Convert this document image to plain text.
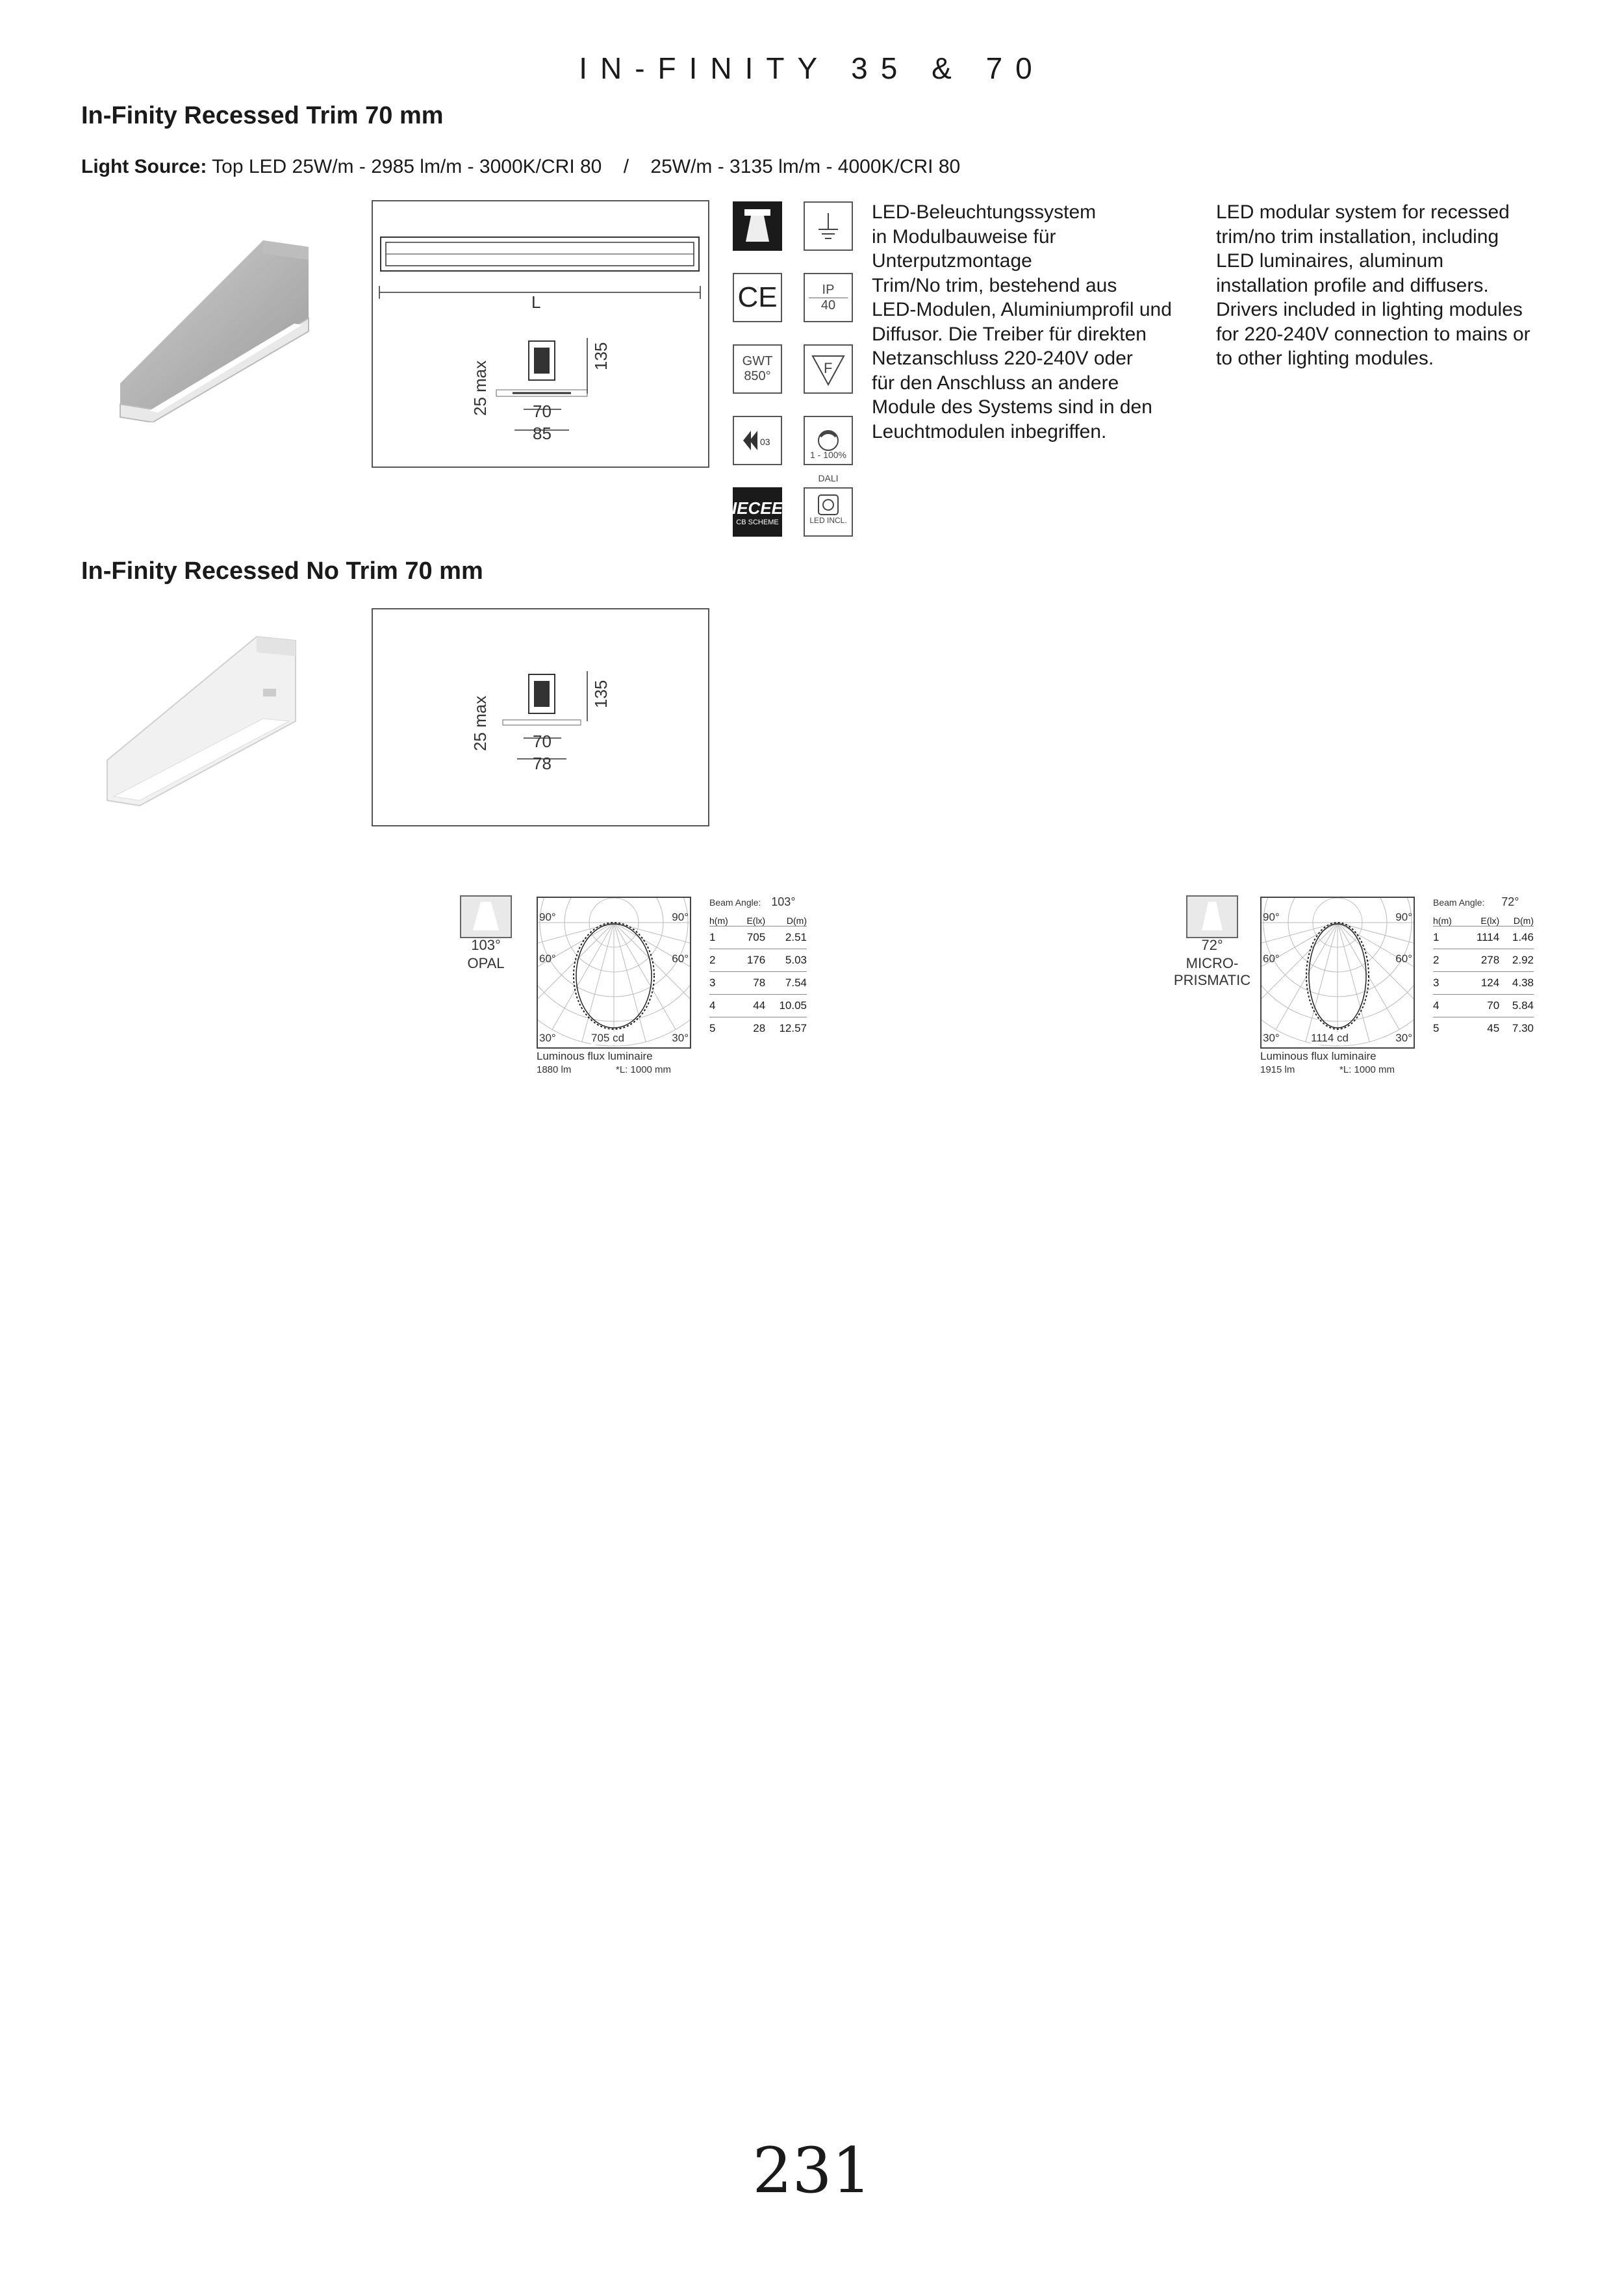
IN-FINITY 35 & 70
In-Finity Recessed Trim 70 mm
Light Source: Top LED 25W/m - 2985 lm/m - 3000K/CRI 80    /    25W/m - 3135 lm/m - 4000K/CRI 80
L
135
25 max	70
85
CE	IP
40
GWT
850°	F
03
1 - 100%
DALI
IECEE
CB SCHEME	LED INCL.
LED-Beleuchtungssystem
in Modulbauweise für
Unterputzmontage
Trim/No trim, bestehend aus
LED-Modulen, Aluminiumprofil und
Diffusor. Die Treiber für direkten
Netzanschluss 220-240V oder
für den Anschluss an andere
Module des Systems sind in den
Leuchtmodulen inbegriffen.
LED modular system for recessed
trim/no trim installation, including
LED luminaires, aluminum
installation profile and diffusers.
Drivers included in lighting modules
for 220-240V connection to mains or
to other lighting modules.
In-Finity Recessed No Trim 70 mm
135
25 max	70
78
103°
OPAL
90°	90°
60°	60°
30°	30°
705 cd
Luminous flux luminaire
1880 lm	*L: 1000 mm
Beam Angle: 103°
h(m)	E(lx)	D(m)
1	705	2.51
2	176	5.03
3	78	7.54
4	44	10.05
5	28	12.57
72°
MICRO-
PRISMATIC
90°	90°
60°	60°
30°	30°
1114 cd
Luminous flux luminaire
1915 lm	*L: 1000 mm
Beam Angle: 72°
h(m)	E(lx)	D(m)
1	1114	1.46
2	278	2.92
3	124	4.38
4	70	5.84
5	45	7.30
231
